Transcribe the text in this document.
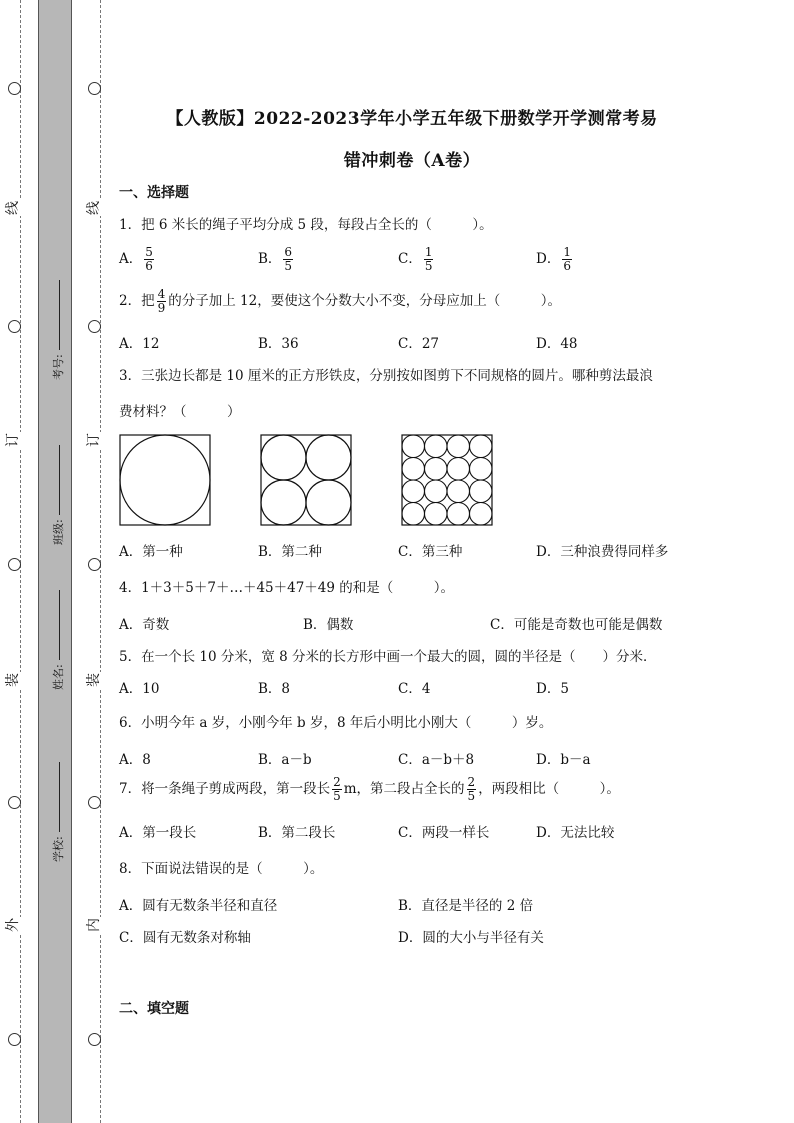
线
订
装
外
线
订
装
内
考号:
班级:
姓名:
学校:
【人教版】2022-2023学年小学五年级下册数学开学测常考易
错冲刺卷（A卷）
一、选择题
1．把 6 米长的绳子平均分成 5 段，每段占全长的（　　　）。
A． $\frac{5}{6}$	B． $\frac{6}{5}$	C． $\frac{1}{5}$	D． $\frac{1}{6}$
2．把 $\frac{4}{9}$ 的分子加上 12，要使这个分数大小不变，分母应加上（　　　）。
A．12	B．36	C．27	D．48
3．三张边长都是 10 厘米的正方形铁皮，分别按如图剪下不同规格的圆片。哪种剪法最浪
费材料？（　　　）
A．第一种	B．第二种	C．第三种	D．三种浪费得同样多
4．1＋3＋5＋7＋…＋45＋47＋49 的和是（　　　）。
A．奇数	B．偶数	C．可能是奇数也可能是偶数
5．在一个长 10 分米，宽 8 分米的长方形中画一个最大的圆，圆的半径是（　　）分米．
A．10	B．8	C．4	D．5
6．小明今年 a 岁，小刚今年 b 岁，8 年后小明比小刚大（　　　）岁。
A．8	B．a－b	C．a－b＋8	D．b－a
7．将一条绳子剪成两段，第一段长 $\frac{2}{5}$ m，第二段占全长的 $\frac{2}{5}$ ，两段相比（　　　）。
A．第一段长	B．第二段长	C．两段一样长	D．无法比较
8．下面说法错误的是（　　　）。
A．圆有无数条半径和直径	B．直径是半径的 2 倍
C．圆有无数条对称轴	D．圆的大小与半径有关
二、填空题
